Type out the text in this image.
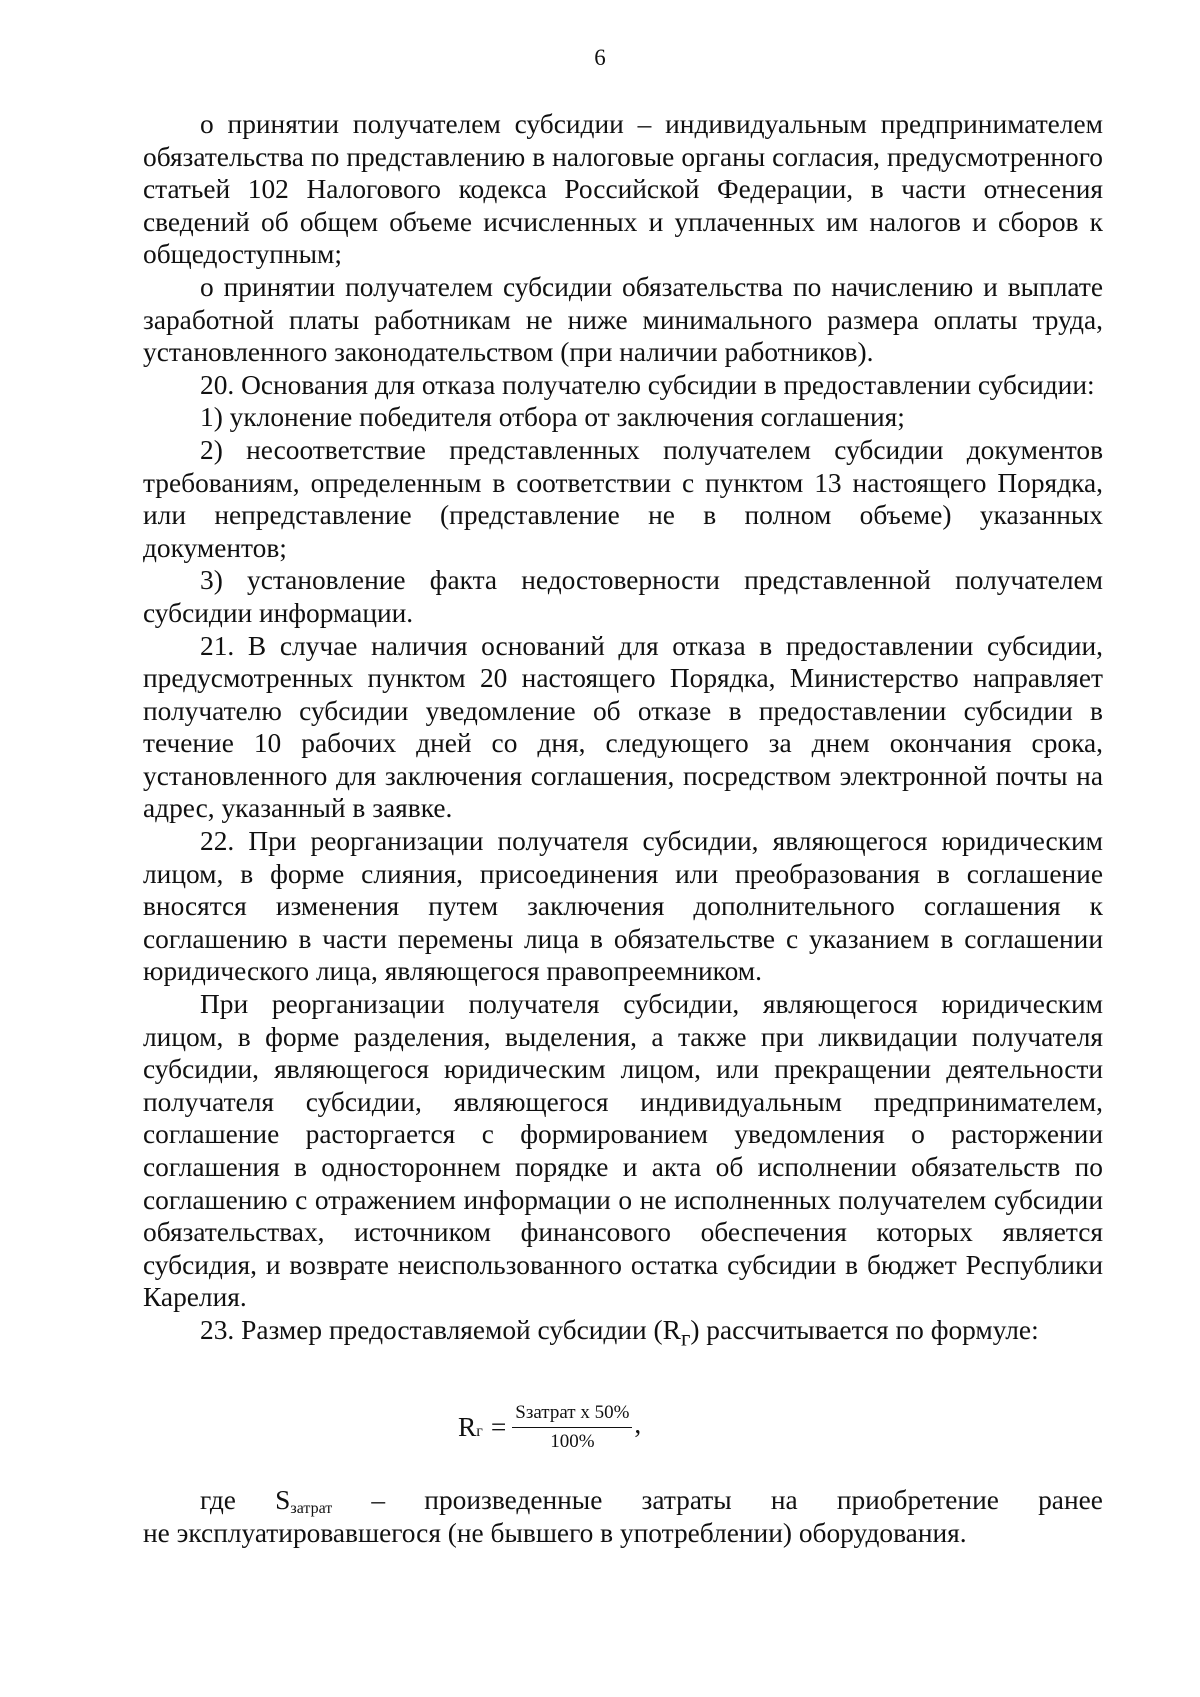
6

о принятии получателем субсидии – индивидуальным предпринимателем обязательства по представлению в налоговые органы согласия, предусмотренного статьей 102 Налогового кодекса Российской Федерации, в части отнесения сведений об общем объеме исчисленных и уплаченных им налогов и сборов к общедоступным;

о принятии получателем субсидии обязательства по начислению и выплате заработной платы работникам не ниже минимального размера оплаты труда, установленного законодательством (при наличии работников).

20. Основания для отказа получателю субсидии в предоставлении субсидии:

1) уклонение победителя отбора от заключения соглашения;

2) несоответствие представленных получателем субсидии документов требованиям, определенным в соответствии с пунктом 13 настоящего Порядка, или непредставление (представление не в полном объеме) указанных документов;

3) установление факта недостоверности представленной получателем субсидии информации.

21. В случае наличия оснований для отказа в предоставлении субсидии, предусмотренных пунктом 20 настоящего Порядка, Министерство направляет получателю субсидии уведомление об отказе в предоставлении субсидии в течение 10 рабочих дней со дня, следующего за днем окончания срока, установленного для заключения соглашения, посредством электронной почты на адрес, указанный в заявке.

22. При реорганизации получателя субсидии, являющегося юридическим лицом, в форме слияния, присоединения или преобразования в соглашение вносятся изменения путем заключения дополнительного соглашения к соглашению в части перемены лица в обязательстве с указанием в соглашении юридического лица, являющегося правопреемником.

При реорганизации получателя субсидии, являющегося юридическим лицом, в форме разделения, выделения, а также при ликвидации получателя субсидии, являющегося юридическим лицом, или прекращении деятельности получателя субсидии, являющегося индивидуальным предпринимателем, соглашение расторгается с формированием уведомления о расторжении соглашения в одностороннем порядке и акта об исполнении обязательств по соглашению с отражением информации о не исполненных получателем субсидии обязательствах, источником финансового обеспечения которых является субсидия, и возврате неиспользованного остатка субсидии в бюджет Республики Карелия.

23. Размер предоставляемой субсидии $(R_г)$ рассчитывается по формуле:

R $г = \frac{\text{Sзатрат x 50\%}}{100\%}$ ,
где $S_{затрат}$ – произведенные затраты на приобретение ранее
не эксплуатировавшегося (не бывшего в употреблении) оборудования.
